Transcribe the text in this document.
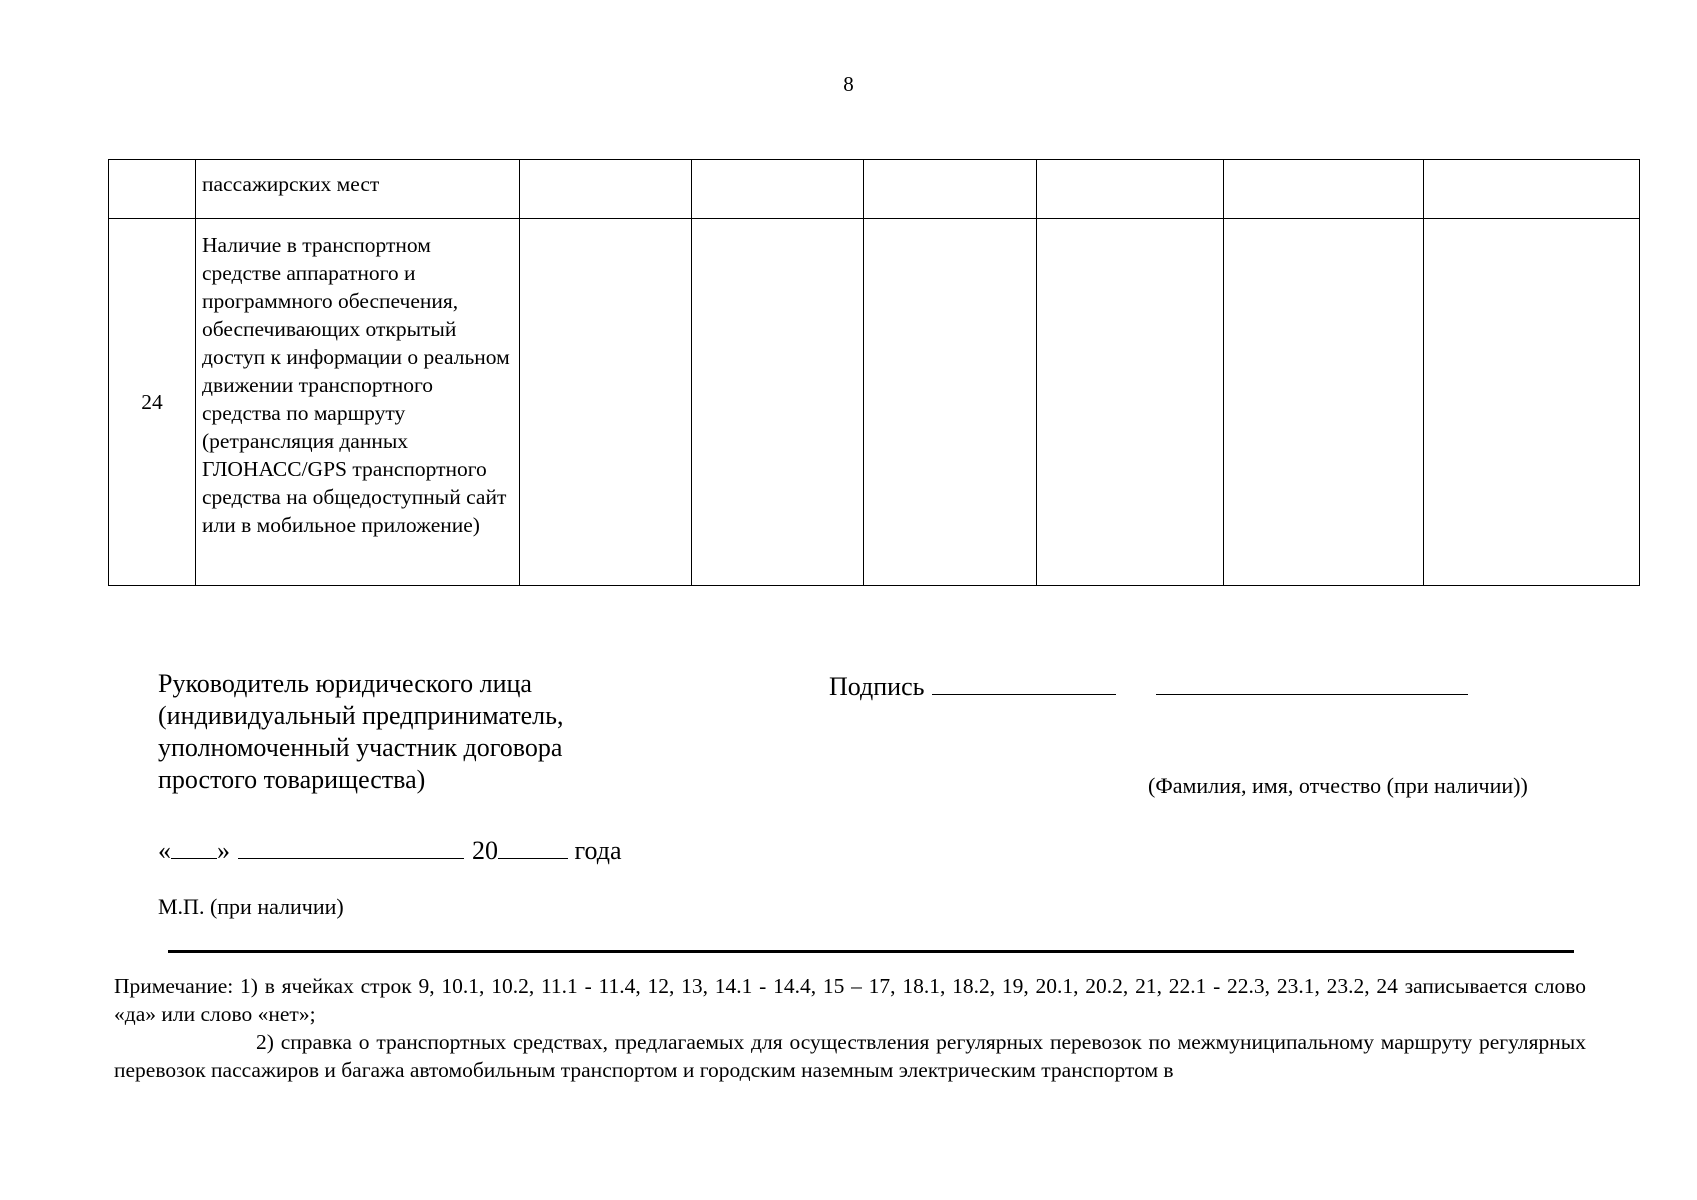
8
	пассажирских мест						
24	Наличие в транспортном средстве аппаратного и программного обеспечения, обеспечивающих открытый доступ к информации о реальном движении транспортного средства по маршруту (ретрансляция данных ГЛОНАСС/GPS транспортного средства на общедоступный сайт или в мобильное приложение)						
Руководитель юридического лица (индивидуальный предприниматель, уполномоченный участник договора простого товарищества)
Подпись
(Фамилия, имя, отчество (при наличии))
« »	20	года
М.П. (при наличии)

Примечание: 1) в ячейках строк 9, 10.1, 10.2, 11.1 - 11.4, 12, 13, 14.1 - 14.4, 15 – 17, 18.1, 18.2, 19, 20.1, 20.2, 21, 22.1 - 22.3, 23.1, 23.2, 24 записывается слово «да» или слово «нет»;

2) справка о транспортных средствах, предлагаемых для осуществления регулярных перевозок по межмуниципальному маршруту регулярных перевозок пассажиров и багажа автомобильным транспортом и городским наземным электрическим транспортом в
